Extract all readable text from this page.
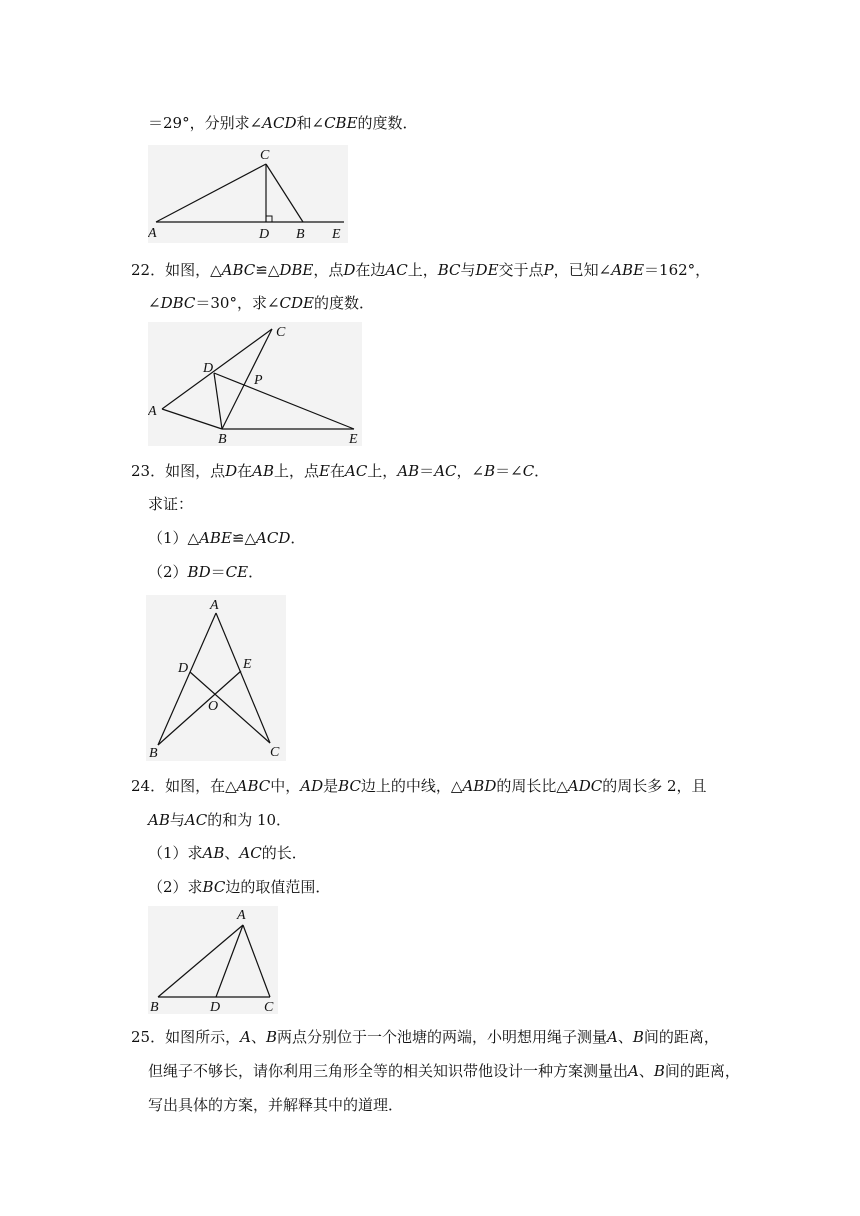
＝29°，分别求∠ACD和∠CBE的度数．
C
A	D B E
22．如图，△ABC≌△DBE，点D在边AC上，BC与DE交于点P，已知∠ABE＝162°，
∠DBC＝30°，求∠CDE的度数．
C
D
P
A
B	E
23．如图，点D在AB上，点E在AC上，AB＝AC，∠B＝∠C．
求证：
（1）△ABE≌△ACD．
（2）BD＝CE．
A
D	E
O
B	C
24．如图，在△ABC中，AD是BC边上的中线，△ABD的周长比△ADC的周长多 2，且
AB与AC的和为 10．
（1）求AB、AC的长．
（2）求BC边的取值范围．
A
B	D	C
25．如图所示，A、B两点分别位于一个池塘的两端，小明想用绳子测量A、B间的距离，
但绳子不够长，请你利用三角形全等的相关知识带他设计一种方案测量出A、B间的距离，
写出具体的方案，并解释其中的道理．
